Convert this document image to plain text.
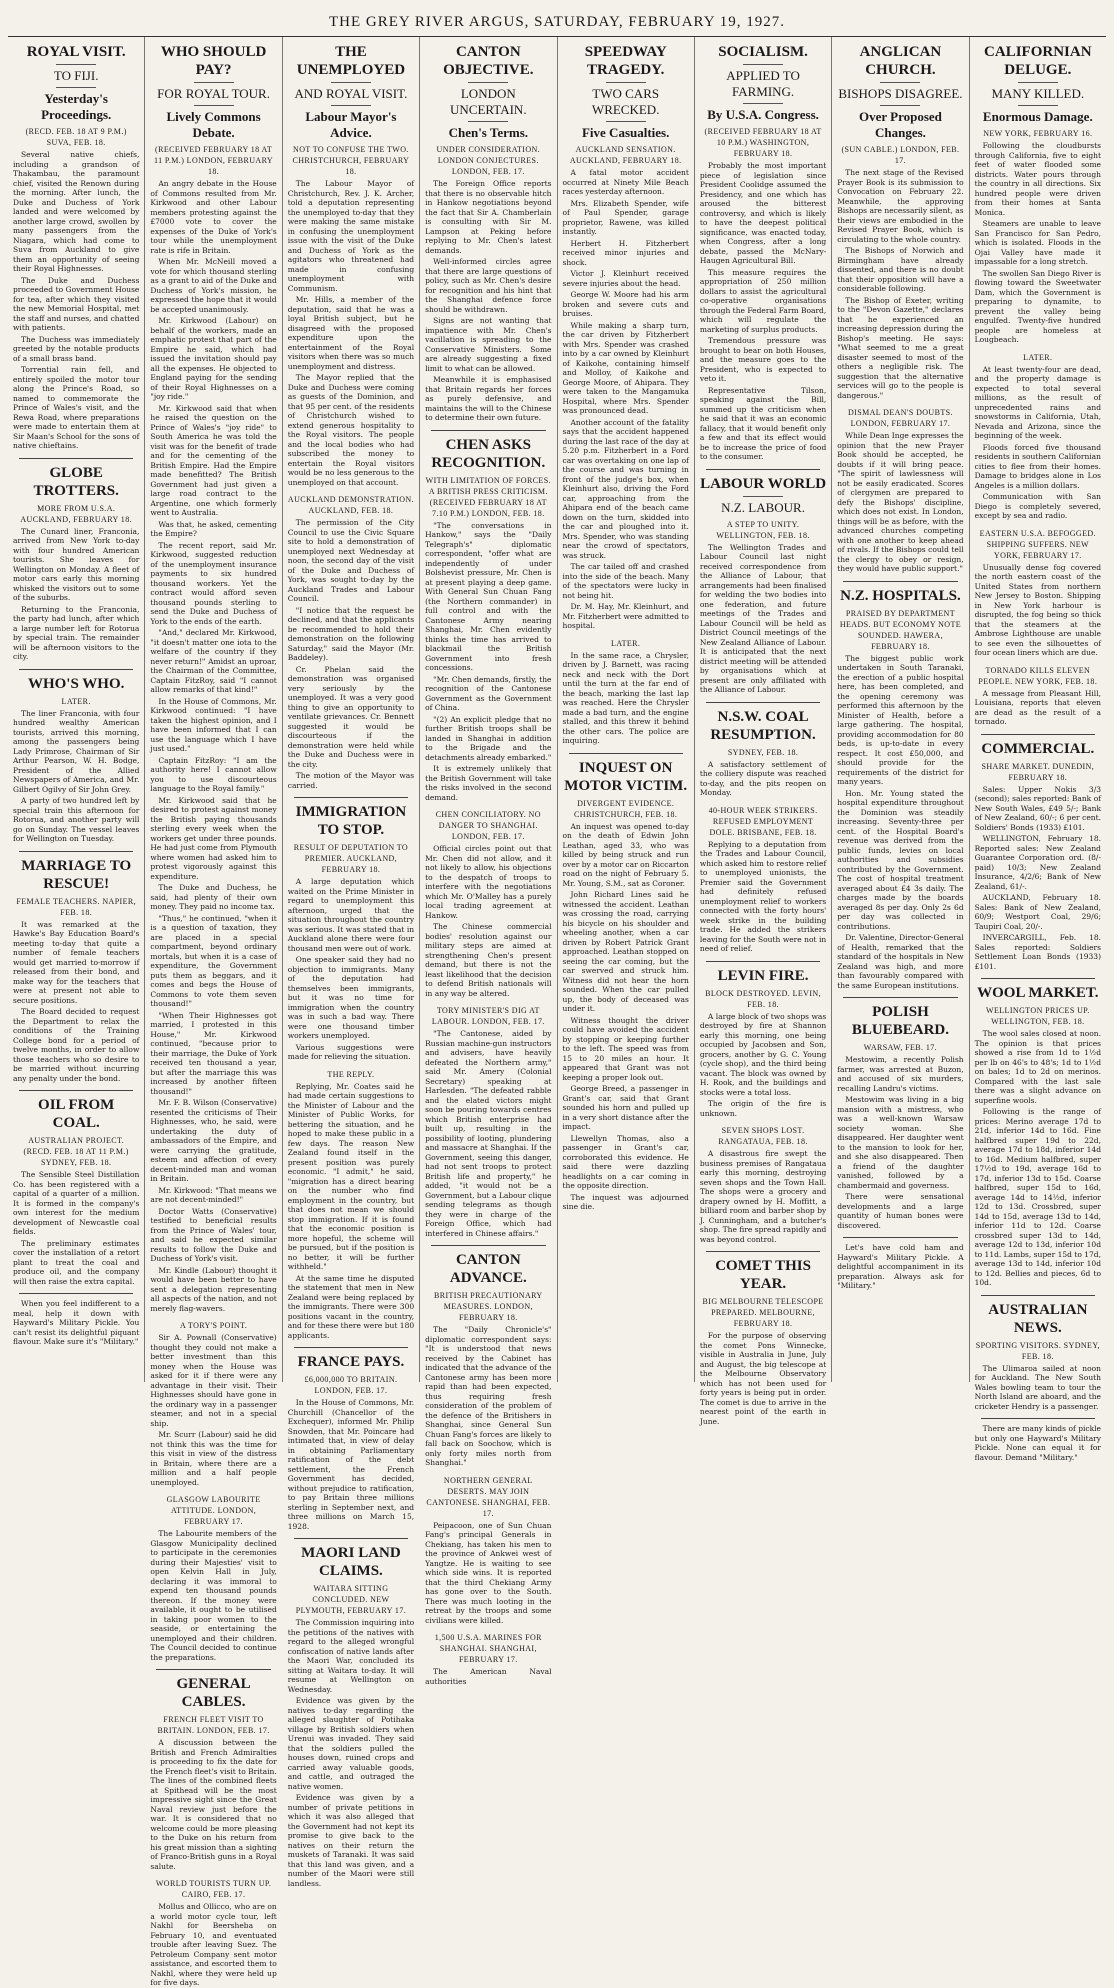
THE GREY RIVER ARGUS, SATURDAY, FEBRUARY 19, 1927.
ROYAL VISIT.
TO FIJI.
Yesterday's Proceedings.
(RECD. FEB. 18 AT 9 P.M.) SUVA, FEB. 18.
Several native chiefs, including a grandson of Thakambau, the paramount chief, visited the Renown during the morning. After lunch, the Duke and Duchess of York landed and were welcomed by another large crowd, swollen by many passengers from the Niagara, which had come to Suva from Auckland to give them an opportunity of seeing their Royal Highnesses.
The Duke and Duchess proceeded to Government House for tea, after which they visited the new Memorial Hospital, met the staff and nurses, and chatted with patients.
The Duchess was immediately greeted by the notable products of a small brass band.
Torrential rain fell, and entirely spoiled the motor tour along the Prince's Road, so named to commemorate the Prince of Wales's visit, and the Rewa Road, where preparations were made to entertain them at Sir Maan's School for the sons of native chieftains.
GLOBE TROTTERS.
MORE FROM U.S.A. AUCKLAND, FEBRUARY 18.
The Cunard liner, Franconia, arrived from New York to-day with four hundred American tourists. She leaves for Wellington on Monday. A fleet of motor cars early this morning whisked the visitors out to some of the suburbs.
Returning to the Franconia, the party had lunch, after which a large number left for Rotorua by special train. The remainder will be afternoon visitors to the city.
WHO'S WHO.
LATER.
The liner Franconia, with four hundred wealthy American tourists, arrived this morning, among the passengers being Lady Primrose, Chairman of Sir Arthur Pearson, W. H. Bodge, President of the Allied Newspapers of America, and Mr. Gilbert Ogilvy of Sir John Grey.
A party of two hundred left by special train this afternoon for Rotorua, and another party will go on Sunday. The vessel leaves for Wellington on Tuesday.
MARRIAGE TO RESCUE!
FEMALE TEACHERS. NAPIER, FEB. 18.
It was remarked at the Hawke's Bay Education Board's meeting to-day that quite a number of female teachers would get married to-morrow if released from their bond, and make way for the teachers that were at present not able to secure positions.
The Board decided to request the Department to relax the conditions of the Training College bond for a period of twelve months, in order to allow those teachers who so desire to be married without incurring any penalty under the bond.
OIL FROM COAL.
AUSTRALIAN PROJECT. (RECD. FEB. 18 AT 11 P.M.) SYDNEY, FEB. 18.
The Sensible Steel Distillation Co. has been registered with a capital of a quarter of a million. It is formed in the company's own interest for the medium development of Newcastle coal fields.
The preliminary estimates cover the installation of a retort plant to treat the coal and produce oil, and the company will then raise the extra capital.
When you feel indifferent to a meal, help it down with Hayward's Military Pickle. You can't resist its delightful piquant flavour. Make sure it's "Military."
WHO SHOULD PAY?
FOR ROYAL TOUR.
Lively Commons Debate.
(RECEIVED FEBRUARY 18 AT 11 P.M.) LONDON, FEBRUARY 18.
An angry debate in the House of Commons resulted from Mr. Kirkwood and other Labour members protesting against the £7000 vote to cover the expenses of the Duke of York's tour while the unemployment rate is rife in Britain.
When Mr. McNeill moved a vote for which thousand sterling as a grant to aid of the Duke and Duchess of York's mission, he expressed the hope that it would be accepted unanimously.
Mr. Kirkwood (Labour) on behalf of the workers, made an emphatic protest that part of the Empire he said, which had issued the invitation should pay all the expenses. He objected to England paying for the sending of their Royal Highnesses on a "joy ride."
Mr. Kirkwood said that when he raised the question on the Prince of Wales's "joy ride" to South America he was told the visit was for the benefit of trade and for the cementing of the British Empire. Had the Empire made benefitted? The British Government had just given a large road contract to the Argentine, one which formerly went to Australia.
Was that, he asked, cementing the Empire?
The recent report, said Mr. Kirkwood, suggested reduction of the unemployment insurance payments to six hundred thousand workers. Yet the contract would afford seven thousand pounds sterling to send the Duke and Duchess of York to the ends of the earth.
"And," declared Mr. Kirkwood, "it doesn't matter one iota to the welfare of the country if they never return!" Amidst an uproar, the Chairman of the Committee, Captain FitzRoy, said "I cannot allow remarks of that kind!"
In the House of Commons, Mr. Kirkwood continued: "I have taken the highest opinion, and I have been informed that I can use the language which I have just used."
Captain FitzRoy: "I am the authority here! I cannot allow you to use discourteous language to the Royal family."
Mr. Kirkwood said that he desired to protest against money the British paying thousands sterling every week when the workers get under three pounds. He had just come from Plymouth where women had asked him to protest vigorously against this expenditure.
The Duke and Duchess, he said, had plenty of their own money. They paid no income tax.
"Thus," he continued, "when it is a question of taxation, they are placed in a special compartment, beyond ordinary mortals, but when it is a case of expenditure, the Government puts them as beggars, and it comes and begs the House of Commons to vote them seven thousand!"
"When Their Highnesses got married, I protested in this House," Mr. Kirkwood continued, "because prior to their marriage, the Duke of York received ten thousand a year, but after the marriage this was increased by another fifteen thousand!"
Mr. F. B. Wilson (Conservative) resented the criticisms of Their Highnesses, who, he said, were undertaking the duty of ambassadors of the Empire, and were carrying the gratitude, esteem and affection of every decent-minded man and woman in Britain.
Mr. Kirkwood: "That means we are not decent-minded!"
Doctor Watts (Conservative) testified to beneficial results from the Prince of Wales' tour, and said he expected similar results to follow the Duke and Duchess of York's visit.
Mr. Kindle (Labour) thought it would have been better to have sent a delegation representing all aspects of the nation, and not merely flag-wavers.
A TORY'S POINT.
Sir A. Pownall (Conservative) thought they could not make a better investment than this money when the House was asked for it if there were any advantage in their visit. Their Highnesses should have gone in the ordinary way in a passenger steamer, and not in a special ship.
Mr. Scurr (Labour) said he did not think this was the time for this visit in view of the distress in Britain, where there are a million and a half people unemployed.
GLASGOW LABOURITE ATTITUDE. LONDON, FEBRUARY 17.
The Labourite members of the Glasgow Municipality declined to participate in the ceremonies during their Majesties' visit to open Kelvin Hall in July, declaring it was immoral to expend ten thousand pounds thereon. If the money were available, it ought to be utilised in taking poor women to the seaside, or entertaining the unemployed and their children. The Council decided to continue the preparations.
GENERAL CABLES.
FRENCH FLEET VISIT TO BRITAIN. LONDON, FEB. 17.
A discussion between the British and French Admiralties is proceeding to fix the date for the French fleet's visit to Britain. The lines of the combined fleets at Spithead will be the most impressive sight since the Great Naval review just before the war. It is considered that no welcome could be more pleasing to the Duke on his return from his great mission than a sighting of Franco-British guns in a Royal salute.
WORLD TOURISTS TURN UP. CAIRO, FEB. 17.
Mollus and Ollicco, who are on a world motor cycle tour, left Nakhl for Beersheba on February 10, and eventuated trouble after leaving Suez. The Petroleum Company sent motor assistance, and escorted them to Nakhl, where they were held up for five days.
THE UNEMPLOYED
AND ROYAL VISIT.
Labour Mayor's Advice.
NOT TO CONFUSE THE TWO. CHRISTCHURCH, FEBRUARY 18.
The Labour Mayor of Christchurch, Rev. J. K. Archer, told a deputation representing the unemployed to-day that they were making the same mistake in confusing the unemployment issue with the visit of the Duke and Duchess of York as the agitators who threatened had made in confusing unemployment with Communism.
Mr. Hills, a member of the deputation, said that he was a loyal British subject, but he disagreed with the proposed expenditure upon the entertainment of the Royal visitors when there was so much unemployment and distress.
The Mayor replied that the Duke and Duchess were coming as guests of the Dominion, and that 95 per cent. of the residents of Christchurch wished to extend generous hospitality to the Royal visitors. The people and the local bodies who had subscribed the money to entertain the Royal visitors would be no less generous to the unemployed on that account.
AUCKLAND DEMONSTRATION. AUCKLAND, FEB. 18.
The permission of the City Council to use the Civic Square site to hold a demonstration of unemployed next Wednesday at noon, the second day of the visit of the Duke and Duchess of York, was sought to-day by the Auckland Trades and Labour Council.
"I notice that the request be declined, and that the applicants be recommended to hold their demonstration on the following Saturday," said the Mayor (Mr. Baddeley).
Cr. Phelan said the demonstration was organised very seriously by the unemployed. It was a very good thing to give an opportunity to ventilate grievances. Cr. Bennett suggested it would be discourteous if the demonstration were held while the Duke and Duchess were in the city.
The motion of the Mayor was carried.
IMMIGRATION TO STOP.
RESULT OF DEPUTATION TO PREMIER. AUCKLAND, FEBRUARY 18.
A large deputation which waited on the Prime Minister in regard to unemployment this afternoon, urged that the situation throughout the country was serious. It was stated that in Auckland alone there were four thousand men were out of work.
One speaker said they had no objection to immigrants. Many of the deputation had themselves been immigrants, but it was no time for immigration when the country was in such a bad way. There were one thousand timber workers unemployed.
Various suggestions were made for relieving the situation.
THE REPLY.
Replying, Mr. Coates said he had made certain suggestions to the Minister of Labour and the Minister of Public Works, for bettering the situation, and he hoped to make these public in a few days. The reason New Zealand found itself in the present position was purely economic. "I admit," he said, "migration has a direct bearing on the number who find employment in the country, but that does not mean we should stop immigration. If it is found that the economic position is more hopeful, the scheme will be pursued, but if the position is no better, it will be further withheld."
At the same time he disputed the statement that men in New Zealand were being replaced by the immigrants. There were 300 positions vacant in the country, and for these there were but 180 applicants.
FRANCE PAYS.
£6,000,000 TO BRITAIN. LONDON, FEB. 17.
In the House of Commons, Mr. Churchill (Chancellor of the Exchequer), informed Mr. Philip Snowden, that Mr. Poincare had intimated that, in view of delay in obtaining Parliamentary ratification of the debt settlement, the French Government has decided, without prejudice to ratification, to pay Britain three millions sterling in September next, and three millions on March 15, 1928.
MAORI LAND CLAIMS.
WAITARA SITTING CONCLUDED. NEW PLYMOUTH, FEBRUARY 17.
The Commission inquiring into the petitions of the natives with regard to the alleged wrongful confiscation of native lands after the Maori War, concluded its sitting at Waitara to-day. It will resume at Wellington on Wednesday.
Evidence was given by the natives to-day regarding the alleged slaughter of Potihaka village by British soldiers when Urenui was invaded. They said that the soldiers pulled the houses down, ruined crops and carried away valuable goods, and cattle, and outraged the native women.
Evidence was given by a number of private petitions in which it was also alleged that the Government had not kept its promise to give back to the natives on their return the muskets of Taranaki. It was said that this land was given, and a number of the Maori were still landless.
CANTON OBJECTIVE.
LONDON UNCERTAIN.
Chen's Terms.
UNDER CONSIDERATION. LONDON CONJECTURES. LONDON, FEB. 17.
The Foreign Office reports that there is no observable hitch in Hankow negotiations beyond the fact that Sir A. Chamberlain is consulting with Sir M. Lampson at Peking before replying to Mr. Chen's latest demands.
Well-informed circles agree that there are large questions of policy, such as Mr. Chen's desire for recognition and his hint that the Shanghai defence force should be withdrawn.
Signs are not wanting that impatience with Mr. Chen's vacillation is spreading to the Conservative Ministers. Some are already suggesting a fixed limit to what can be allowed.
Meanwhile it is emphasised that Britain regards her forces as purely defensive, and maintains the will to the Chinese to determine their own future.
CHEN ASKS RECOGNITION.
WITH LIMITATION OF FORCES. A BRITISH PRESS CRITICISM. (RECEIVED FEBRUARY 18 AT 7.10 P.M.) LONDON, FEB. 18.
"The conversations in Hankow," says the "Daily Telegraph's" diplomatic correspondent, "offer what are independently of under Bolshevist pressure, Mr. Chen is at present playing a deep game. With General Sun Chuan Fang (the Northern commander) in full control and with the Cantonese Army nearing Shanghai, Mr. Chen evidently thinks the time has arrived to blackmail the British Government into fresh concessions.
"Mr. Chen demands, firstly, the recognition of the Cantonese Government as the Government of China.
"(2) An explicit pledge that no further British troops shall be landed in Shanghai in addition to the Brigade and the detachments already embarked."
It is extremely unlikely that the British Government will take the risks involved in the second demand.
CHEN CONCILIATORY. NO DANGER TO SHANGHAI. LONDON, FEB. 17.
Official circles point out that Mr. Chen did not allow, and it not likely to allow, his objections to the despatch of troops to interfere with the negotiations which Mr. O'Malley has a purely local trading agreement at Hankow.
The Chinese commercial bodies' resolution against our military steps are aimed at strengthening Chen's present demand, but there is not the least likelihood that the decision to defend British nationals will in any way be altered.
TORY MINISTER'S DIG AT LABOUR. LONDON, FEB. 17.
"The Cantonese, aided by Russian machine-gun instructors and advisers, have heavily defeated the Northern army," said Mr. Amery (Colonial Secretary) speaking at Harlesden. "The defeated rabble and the elated victors might soon be pouring towards centres which British enterprise had built up, resulting in the possibility of looting, plundering and massacre at Shanghai. If the Government, seeing this danger, had not sent troops to protect British life and property," he added, "it would not be a Government, but a Labour clique sending telegrams as though they were in charge of the Foreign Office, which had interfered in Chinese affairs."
CANTON ADVANCE.
BRITISH PRECAUTIONARY MEASURES. LONDON, FEBRUARY 18.
The "Daily Chronicle's" diplomatic correspondent says: "It is understood that news received by the Cabinet has indicated that the advance of the Cantonese army has been more rapid than had been expected, thus requiring fresh consideration of the problem of the defence of the Britishers in Shanghai, since General Sun Chuan Fang's forces are likely to fall back on Soochow, which is only forty miles north from Shanghai."
NORTHERN GENERAL DESERTS. MAY JOIN CANTONESE. SHANGHAI, FEB. 17.
Peipacoon, one of Sun Chuan Fang's principal Generals in Chekiang, has taken his men to the province of Ankwei west of Yangtze. He is waiting to see which side wins. It is reported that the third Chekiang Army has gone over to the South. There was much looting in the retreat by the troops and some civilians were killed.
1,500 U.S.A. MARINES FOR SHANGHAI. SHANGHAI, FEBRUARY 17.
The American Naval authorities
SPEEDWAY TRAGEDY.
TWO CARS WRECKED.
Five Casualties.
AUCKLAND SENSATION. AUCKLAND, FEBRUARY 18.
A fatal motor accident occurred at Ninety Mile Beach races yesterday afternoon.
Mrs. Elizabeth Spender, wife of Paul Spender, garage proprietor, Rawene, was killed instantly.
Herbert H. Fitzherbert received minor injuries and shock.
Victor J. Kleinhurt received severe injuries about the head.
George W. Moore had his arm broken and severe cuts and bruises.
While making a sharp turn, the car driven by Fitzherbert with Mrs. Spender was crashed into by a car owned by Kleinhurt of Kaikohe, containing himself and Molloy, of Kaikohe and George Moore, of Ahipara. They were taken to the Mangamuka Hospital, where Mrs. Spender was pronounced dead.
Another account of the fatality says that the accident happened during the last race of the day at 5.20 p.m. Fitzherbert in a Ford car was overtaking on one lap of the course and was turning in front of the judge's box, when Kleinhurt also, driving the Ford car, approaching from the Ahipara end of the beach came down on the turn, skidded into the car and ploughed into it. Mrs. Spender, who was standing near the crowd of spectators, was struck.
The car tailed off and crashed into the side of the beach. Many of the spectators were lucky in not being hit.
Dr. M. Hay, Mr. Kleinhurt, and Mr. Fitzherbert were admitted to hospital.
LATER.
In the same race, a Chrysler, driven by J. Barnett, was racing neck and neck with the Dort until the turn at the far end of the beach, marking the last lap was reached. Here the Chrysler made a bad turn, and the engine stalled, and this threw it behind the other cars. The police are inquiring.
INQUEST ON MOTOR VICTIM.
DIVERGENT EVIDENCE. CHRISTCHURCH, FEB. 18.
An inquest was opened to-day on the death of Edwin John Leathan, aged 33, who was killed by being struck and run over by a motor car on Riccarton road on the night of February 5. Mr. Young, S.M., sat as Coroner.
John Richard Lines said he witnessed the accident. Leathan was crossing the road, carrying his bicycle on his shoulder and wheeling another, when a car driven by Robert Patrick Grant approached. Leathan stopped on seeing the car coming, but the car swerved and struck him. Witness did not hear the horn sounded. When the car pulled up, the body of deceased was under it.
Witness thought the driver could have avoided the accident by stopping or keeping further to the left. The speed was from 15 to 20 miles an hour. It appeared that Grant was not keeping a proper look out.
George Breed, a passenger in Grant's car, said that Grant sounded his horn and pulled up in a very short distance after the impact.
Llewellyn Thomas, also a passenger in Grant's car, corroborated this evidence. He said there were dazzling headlights on a car coming in the opposite direction.
The inquest was adjourned sine die.
SOCIALISM.
APPLIED TO FARMING.
By U.S.A. Congress.
(RECEIVED FEBRUARY 18 AT 10 P.M.) WASHINGTON, FEBRUARY 18.
Probably the most important piece of legislation since President Coolidge assumed the Presidency, and one which has aroused the bitterest controversy, and which is likely to have the deepest political significance, was enacted today, when Congress, after a long debate, passed the McNary-Haugen Agricultural Bill.
This measure requires the appropriation of 250 million dollars to assist the agricultural co-operative organisations through the Federal Farm Board, which will regulate the marketing of surplus products.
Tremendous pressure was brought to bear on both Houses, and the measure goes to the President, who is expected to veto it.
Representative Tilson, speaking against the Bill, summed up the criticism when he said that it was an economic fallacy, that it would benefit only a few and that its effect would be to increase the price of food to the consumer.
LABOUR WORLD
N.Z. LABOUR.
A STEP TO UNITY. WELLINGTON, FEB. 18.
The Wellington Trades and Labour Council last night received correspondence from the Alliance of Labour, that arrangements had been finalised for welding the two bodies into one federation, and future meetings of the Trades and Labour Council will be held as District Council meetings of the New Zealand Alliance of Labour. It is anticipated that the next district meeting will be attended by organisations which at present are only affiliated with the Alliance of Labour.
N.S.W. COAL RESUMPTION.
SYDNEY, FEB. 18.
A satisfactory settlement of the colliery dispute was reached to-day, and the pits reopen on Monday.
40-HOUR WEEK STRIKERS. REFUSED EMPLOYMENT DOLE. BRISBANE, FEB. 18.
Replying to a deputation from the Trades and Labour Council, which asked him to restore relief to unemployed unionists, the Premier said the Government had definitely refused unemployment relief to workers connected with the forty hours' week strike in the building trade. He added the strikers leaving for the South were not in need of relief.
LEVIN FIRE.
BLOCK DESTROYED. LEVIN, FEB. 18.
A large block of two shops was destroyed by fire at Shannon early this morning, one being occupied by Jacobsen and Son, grocers, another by G. C. Young (cycle shop), and the third being vacant. The block was owned by H. Rook, and the buildings and stocks were a total loss.
The origin of the fire is unknown.
SEVEN SHOPS LOST. RANGATAUA, FEB. 18.
A disastrous fire swept the business premises of Rangataua early this morning, destroying seven shops and the Town Hall. The shops were a grocery and drapery owned by H. Moffitt, a billiard room and barber shop by J. Cunningham, and a butcher's shop. The fire spread rapidly and was beyond control.
COMET THIS YEAR.
BIG MELBOURNE TELESCOPE PREPARED. MELBOURNE, FEBRUARY 18.
For the purpose of observing the comet Pons Winnecke, visible in Australia in June, July and August, the big telescope at the Melbourne Observatory which has not been used for forty years is being put in order. The comet is due to arrive in the nearest point of the earth in June.
ANGLICAN CHURCH.
BISHOPS DISAGREE.
Over Proposed Changes.
(SUN CABLE.) LONDON, FEB. 17.
The next stage of the Revised Prayer Book is its submission to Convocation on February 22. Meanwhile, the approving Bishops are necessarily silent, as their views are embodied in the Revised Prayer Book, which is circulating to the whole country.
The Bishops of Norwich and Birmingham have already dissented, and there is no doubt that their opposition will have a considerable following.
The Bishop of Exeter, writing to the "Devon Gazette," declares that he experienced an increasing depression during the Bishop's meeting. He says: "What seemed to me a great disaster seemed to most of the others a negligible risk. The suggestion that the alternative services will go to the people is dangerous."
DISMAL DEAN'S DOUBTS. LONDON, FEBRUARY 17.
While Dean Inge expresses the opinion that the new Prayer Book should be accepted, he doubts if it will bring peace. "The spirit of lawlessness will not be easily eradicated. Scores of clergymen are prepared to defy the Bishops' discipline, which does not exist. In London, things will be as before, with the advanced churches competing with one another to keep ahead of rivals. If the Bishops could tell the clergy to obey or resign, they would have public support."
N.Z. HOSPITALS.
PRAISED BY DEPARTMENT HEADS. BUT ECONOMY NOTE SOUNDED. HAWERA, FEBRUARY 18.
The biggest public work undertaken in South Taranaki, the erection of a public hospital here, has been completed, and the opening ceremony was performed this afternoon by the Minister of Health, before a large gathering. The hospital, providing accommodation for 80 beds, is up-to-date in every respect. It cost £50,000, and should provide for the requirements of the district for many years.
Hon. Mr. Young stated the hospital expenditure throughout the Dominion was steadily increasing. Seventy-three per cent. of the Hospital Board's revenue was derived from the public funds, levies on local authorities and subsidies contributed by the Government. The cost of hospital treatment averaged about £4 3s daily. The charges made by the boards averaged 8s per day. Only 2s 6d per day was collected in contributions.
Dr. Valentine, Director-General of Health, remarked that the standard of the hospitals in New Zealand was high, and more than favourably compared with the same European institutions.
POLISH BLUEBEARD.
WARSAW, FEB. 17.
Mestowim, a recently Polish farmer, was arrested at Buzon, and accused of six murders, recalling Landru's victims.
Mestowim was living in a big mansion with a mistress, who was a well-known Warsaw society woman. She disappeared. Her daughter went to the mansion to look for her, and she also disappeared. Then a friend of the daughter vanished, followed by a chambermaid and governess.
There were sensational developments and a large quantity of human bones were discovered.
Let's have cold ham and Hayward's Military Pickle. A delightful accompaniment in its preparation. Always ask for "Military."
CALIFORNIAN DELUGE.
MANY KILLED.
Enormous Damage.
NEW YORK, FEBRUARY 16.
Following the cloudbursts through California, five to eight feet of water flooded some districts. Water pours through the country in all directions. Six hundred people were driven from their homes at Santa Monica.
Steamers are unable to leave San Francisco for San Pedro, which is isolated. Floods in the Ojai Valley have made it impassable for a long stretch.
The swollen San Diego River is flowing toward the Sweetwater Dam, which the Government is preparing to dynamite, to prevent the valley being engulfed. Twenty-five hundred people are homeless at Lougbeach.
LATER.
At least twenty-four are dead, and the property damage is expected to total several millions, as the result of unprecedented rains and snowstorms in California, Utah, Nevada and Arizona, since the beginning of the week.
Floods forced five thousand residents in southern Californian cities to flee from their homes. Damage to bridges alone in Los Angeles is a million dollars.
Communication with San Diego is completely severed, except by sea and radio.
EASTERN U.S.A. BEFOGGED. SHIPPING SUFFERS. NEW YORK, FEBRUARY 17.
Unusually dense fog covered the north eastern coast of the United States from northern New Jersey to Boston. Shipping in New York harbour is disrupted, the fog being so thick that the steamers at the Ambrose Lighthouse are unable to see even the silhouettes of four ocean liners which are due.
TORNADO KILLS ELEVEN PEOPLE. NEW YORK, FEB. 18.
A message from Pleasant Hill, Louisiana, reports that eleven are dead as the result of a tornado.
COMMERCIAL.
SHARE MARKET. DUNEDIN, FEBRUARY 18.
Sales: Upper Nokis 3/3 (second); sales reported: Bank of New South Wales, £49 5/-; Bank of New Zealand, 60/-; 6 per cent. Soldiers' Bonds (1933) £101.
WELLINGTON, February 18. Reported sales: New Zealand Guarantee Corporation ord. (8/- paid) 10/3; New Zealand Insurance, 4/2/6; Bank of New Zealand, 61/-.
AUCKLAND, February 18. Sales: Bank of New Zealand, 60/9; Westport Coal, 29/6; Taupiri Coal, 20/-.
INVERCARGILL, Feb. 18. Sales reported: Soldiers Settlement Loan Bonds (1933) £101.
WOOL MARKET.
WELLINGTON PRICES UP. WELLINGTON, FEB. 18.
The wool sales closed at noon. The opinion is that prices showed a rise from 1d to 1½d per lb on 46's to 48's; 1d to 1½d on bales; 1d to 2d on merinos. Compared with the last sale there was a slight advance on superfine wools.
Following is the range of prices: Merino average 17d to 21d, inferior 14d to 16d. Fine halfbred super 19d to 22d, average 17d to 18d, inferior 14d to 16d. Medium halfbred, super 17½d to 19d, average 16d to 17d, inferior 13d to 15d. Coarse halfbred, super 15d to 16d, average 14d to 14½d, inferior 12d to 13d. Crossbred, super 14d to 15d, average 13d to 14d, inferior 11d to 12d. Coarse crossbred super 13d to 14d, average 12d to 13d, inferior 10d to 11d. Lambs, super 15d to 17d, average 13d to 14d, inferior 10d to 12d. Bellies and pieces, 6d to 10d.
AUSTRALIAN NEWS.
SPORTING VISITORS. SYDNEY, FEB. 18.
The Ulimaroa sailed at noon for Auckland. The New South Wales bowling team to tour the North Island are aboard, and the cricketer Hendry is a passenger.
There are many kinds of pickle but only one Hayward's Military Pickle. None can equal it for flavour. Demand "Military."
